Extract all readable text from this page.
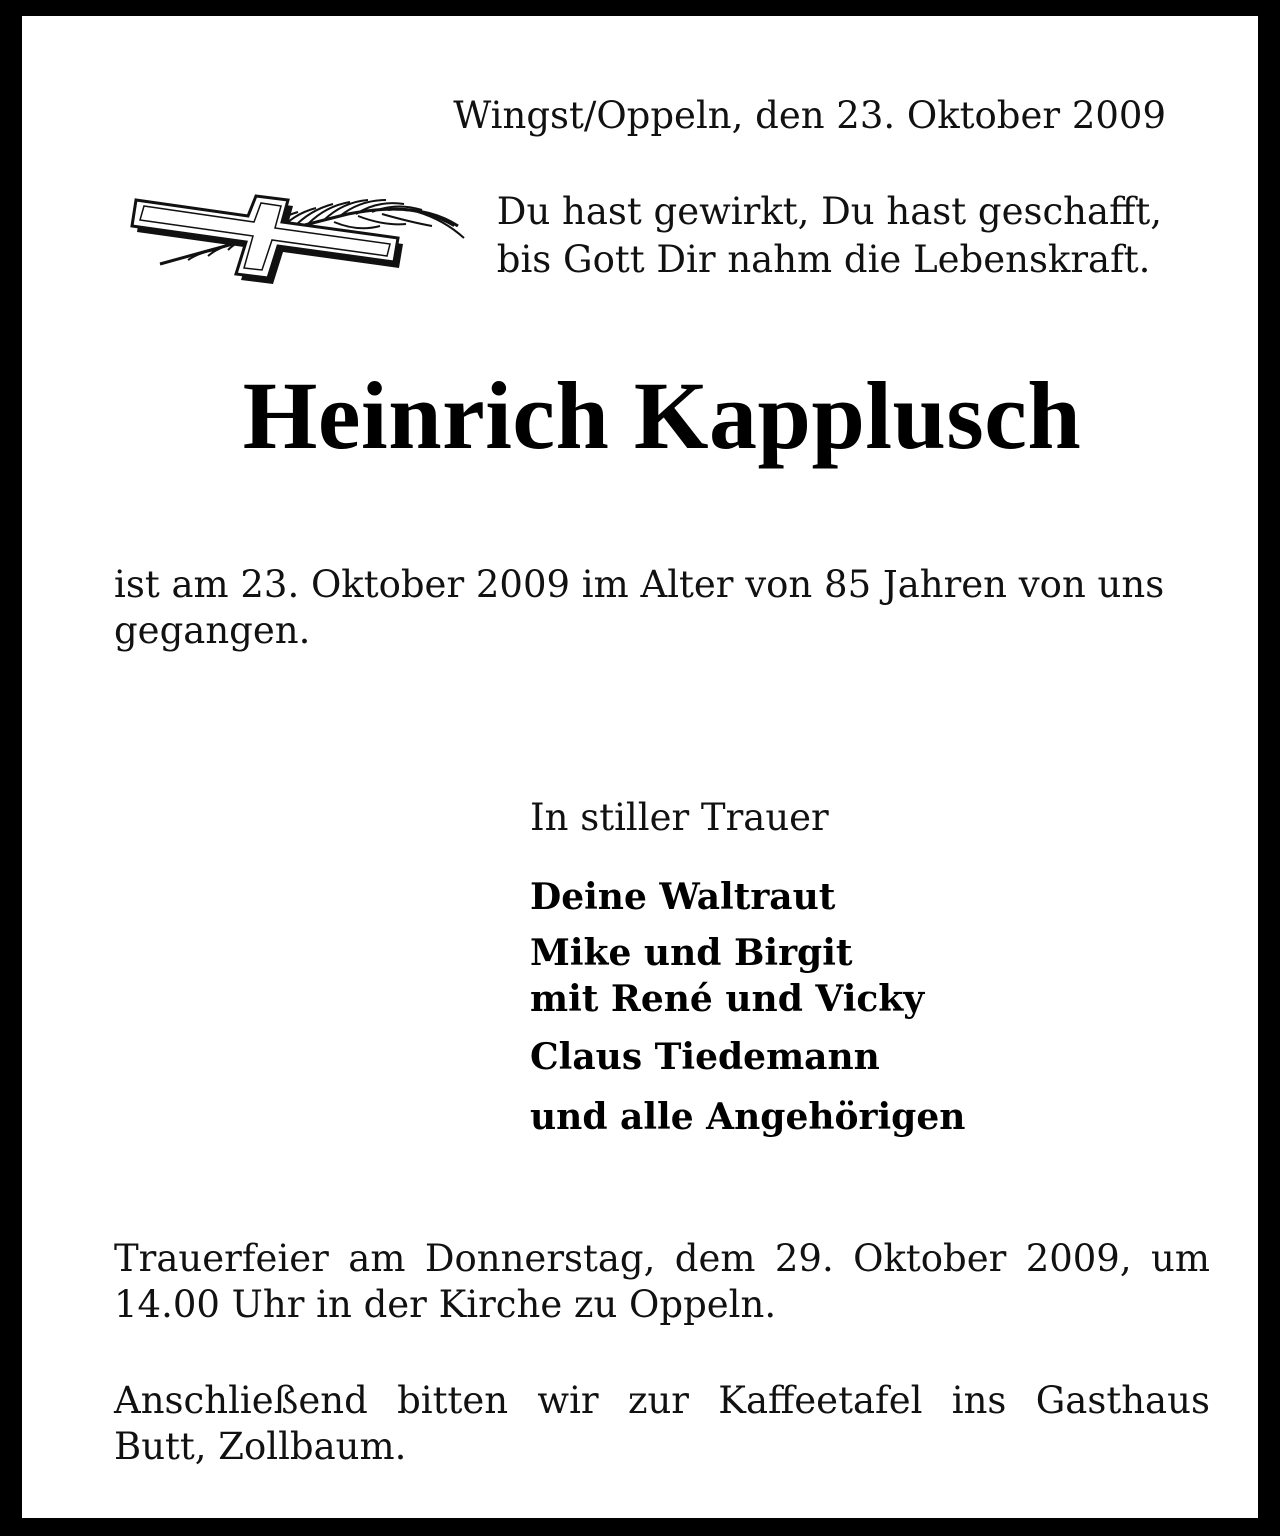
Wingst/Oppeln, den 23. Oktober 2009

Du hast gewirkt, Du hast geschafft,
bis Gott Dir nahm die Lebenskraft.
Heinrich Kapplusch
ist am 23. Oktober 2009 im Alter von 85 Jahren von uns
gegangen.

In stiller Trauer

Deine Waltraut

Mike und Birgit

mit René und Vicky

Claus Tiedemann

und alle Angehörigen

Trauerfeier am Donnerstag, dem 29. Oktober 2009, um
14.00 Uhr in der Kirche zu Oppeln.
Anschließend bitten wir zur Kaffeetafel ins Gasthaus
Butt, Zollbaum.
